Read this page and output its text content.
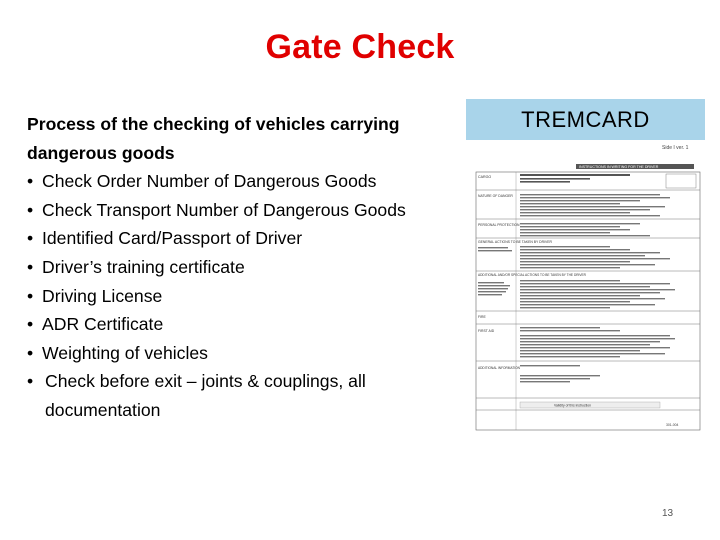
Gate Check
Process of the checking of vehicles carrying
dangerous goods
• Check Order Number of Dangerous Goods
• Check Transport Number of Dangerous Goods
• Identified Card/Passport of Driver
• Driver’s training certificate
• Driving License
• ADR Certificate
• Weighting of vehicles
• Check before exit – joints & couplings, all
documentation
TREMCARD
Side I ver. 1
INSTRUCTIONS IN WRITING FOR THE DRIVER
CARGO
NATURE OF DANGER
PERSONAL PROTECTION
GENERAL ACTIONS TO BE TAKEN BY DRIVER
ADDITIONAL AND/OR SPECIAL ACTIONS TO BE TAKEN BY THE DRIVER
FIRE
FIRST AID
ADDITIONAL INFORMATION
Validity of this instruction
301-004
13
